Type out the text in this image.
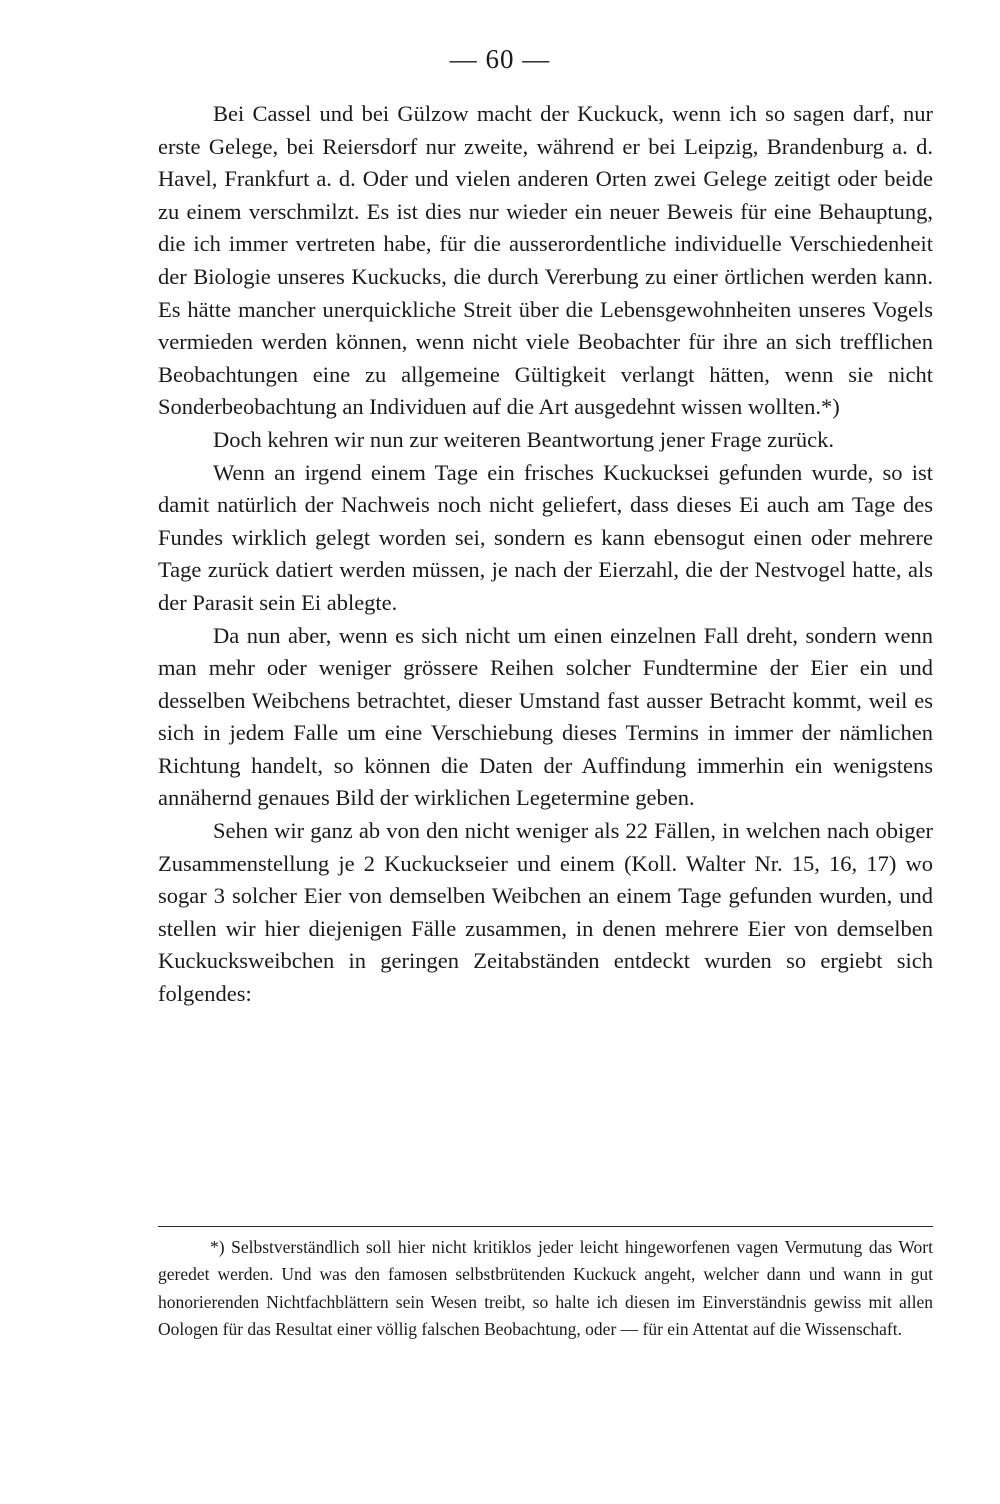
— 60 —

Bei Cassel und bei Gülzow macht der Kuckuck, wenn ich so sagen darf, nur erste Gelege, bei Reiersdorf nur zweite, während er bei Leipzig, Brandenburg a. d. Havel, Frankfurt a. d. Oder und vielen anderen Orten zwei Gelege zeitigt oder beide zu einem verschmilzt. Es ist dies nur wieder ein neuer Beweis für eine Behauptung, die ich immer vertreten habe, für die ausserordentliche individuelle Verschiedenheit der Biologie unseres Kuckucks, die durch Vererbung zu einer örtlichen werden kann. Es hätte mancher unerquickliche Streit über die Lebensgewohnheiten unseres Vogels vermieden werden können, wenn nicht viele Beobachter für ihre an sich trefflichen Beobachtungen eine zu allgemeine Gültigkeit verlangt hätten, wenn sie nicht Sonderbeobachtung an Individuen auf die Art ausgedehnt wissen wollten.*)

Doch kehren wir nun zur weiteren Beantwortung jener Frage zurück.

Wenn an irgend einem Tage ein frisches Kuckucksei gefunden wurde, so ist damit natürlich der Nachweis noch nicht geliefert, dass dieses Ei auch am Tage des Fundes wirklich gelegt worden sei, sondern es kann ebensogut einen oder mehrere Tage zurück datiert werden müssen, je nach der Eierzahl, die der Nestvogel hatte, als der Parasit sein Ei ablegte.

Da nun aber, wenn es sich nicht um einen einzelnen Fall dreht, sondern wenn man mehr oder weniger grössere Reihen solcher Fundtermine der Eier ein und desselben Weibchens betrachtet, dieser Umstand fast ausser Betracht kommt, weil es sich in jedem Falle um eine Verschiebung dieses Termins in immer der nämlichen Richtung handelt, so können die Daten der Auffindung immerhin ein wenigstens annähernd genaues Bild der wirklichen Legetermine geben.

Sehen wir ganz ab von den nicht weniger als 22 Fällen, in welchen nach obiger Zusammenstellung je 2 Kuckuckseier und einem (Koll. Walter Nr. 15, 16, 17) wo sogar 3 solcher Eier von demselben Weibchen an einem Tage gefunden wurden, und stellen wir hier diejenigen Fälle zusammen, in denen mehrere Eier von demselben Kuckucksweibchen in geringen Zeitabständen entdeckt wurden so ergiebt sich folgendes:

*) Selbstverständlich soll hier nicht kritiklos jeder leicht hingeworfenen vagen Vermutung das Wort geredet werden. Und was den famosen selbstbrütenden Kuckuck angeht, welcher dann und wann in gut honorierenden Nichtfachblättern sein Wesen treibt, so halte ich diesen im Einverständnis gewiss mit allen Oologen für das Resultat einer völlig falschen Beobachtung, oder — für ein Attentat auf die Wissenschaft.
